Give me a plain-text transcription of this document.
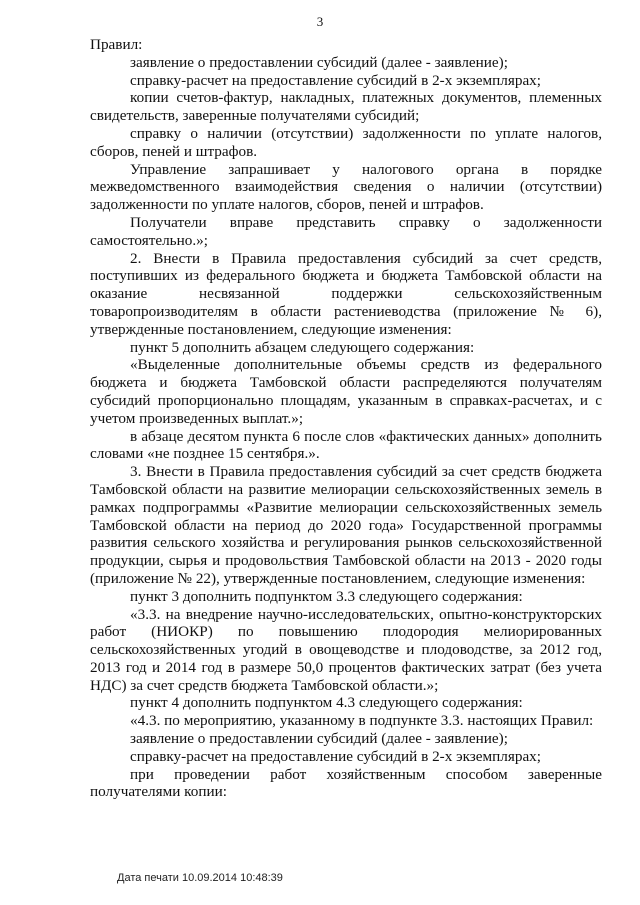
3

Правил:

заявление о предоставлении субсидий (далее - заявление);

справку-расчет на предоставление субсидий в 2-х экземплярах;

копии счетов-фактур, накладных, платежных документов, племенных свидетельств, заверенные получателями субсидий;

справку о наличии (отсутствии) задолженности по уплате налогов, сборов, пеней и штрафов.

Управление запрашивает у налогового органа в порядке межведомственного взаимодействия сведения о наличии (отсутствии) задолженности по уплате налогов, сборов, пеней и штрафов.

Получатели вправе представить справку о задолженности самостоятельно.»;

2. Внести в Правила предоставления субсидий за счет средств, поступивших из федерального бюджета и бюджета Тамбовской области на оказание несвязанной поддержки сельскохозяйственным товаропроизводителям в области растениеводства (приложение № 6), утвержденные постановлением, следующие изменения:

пункт 5 дополнить абзацем следующего содержания:

«Выделенные дополнительные объемы средств из федерального бюджета и бюджета Тамбовской области распределяются получателям субсидий пропорционально площадям, указанным в справках-расчетах, и с учетом произведенных выплат.»;

в абзаце десятом пункта 6 после слов «фактических данных» дополнить словами «не позднее 15 сентября.».

3. Внести в Правила предоставления субсидий за счет средств бюджета Тамбовской области на развитие мелиорации сельскохозяйственных земель в рамках подпрограммы «Развитие мелиорации сельскохозяйственных земель Тамбовской области на период до 2020 года» Государственной программы развития сельского хозяйства и регулирования рынков сельскохозяйственной продукции, сырья и продовольствия Тамбовской области на 2013 - 2020 годы (приложение № 22), утвержденные постановлением, следующие изменения:

пункт 3 дополнить подпунктом 3.3 следующего содержания:

«3.3. на внедрение научно-исследовательских, опытно-конструкторских работ (НИОКР) по повышению плодородия мелиорированных сельскохозяйственных угодий в овощеводстве и плодоводстве, за 2012 год, 2013 год и 2014 год в размере 50,0 процентов фактических затрат (без учета НДС) за счет средств бюджета Тамбовской области.»;

пункт 4 дополнить подпунктом 4.3 следующего содержания:

«4.3. по мероприятию, указанному в подпункте 3.3. настоящих Правил:

заявление о предоставлении субсидий (далее - заявление);

справку-расчет на предоставление субсидий в 2-х экземплярах;

при проведении работ хозяйственным способом заверенные получателями копии:

Дата печати 10.09.2014 10:48:39
